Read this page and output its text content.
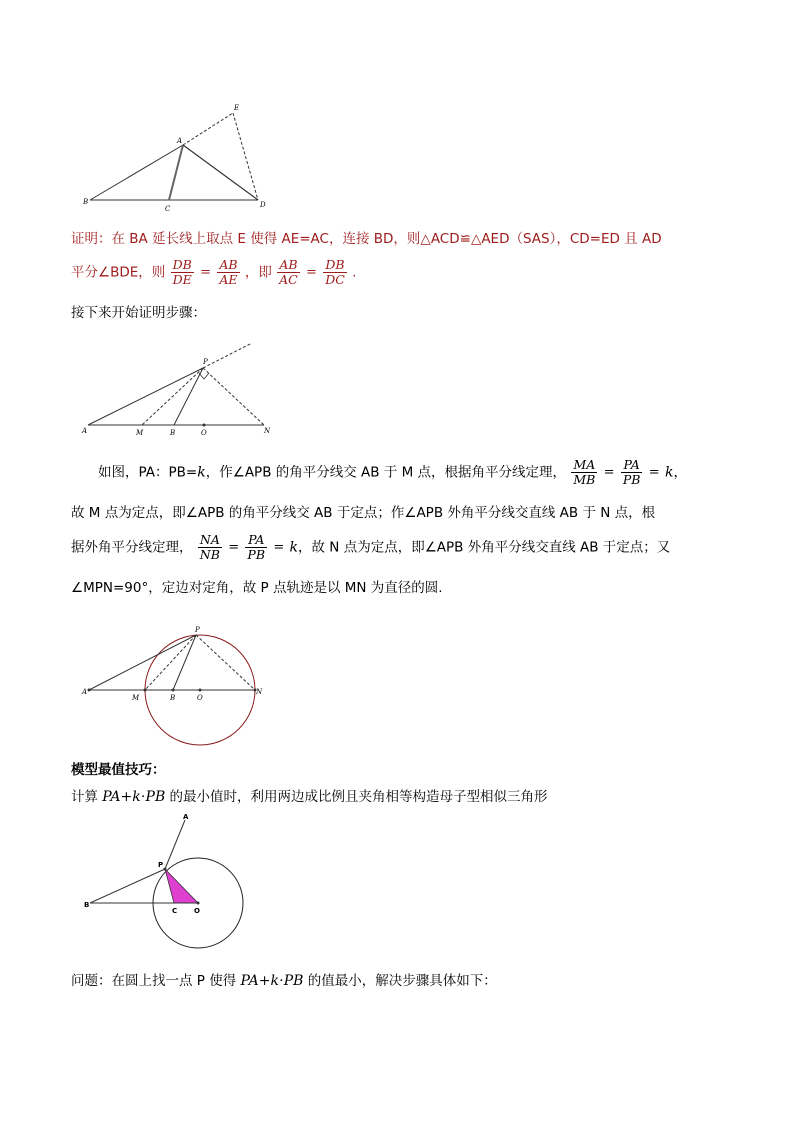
E
A
B
C	D
证明：在 BA 延长线上取点 E 使得 AE=AC，连接 BD，则△ACD≌△AED（SAS），CD=ED 且 AD
平分∠BDE，则 $\frac{DB}{DE} = \frac{AB}{AE}$ ，即 $\frac{AB}{AC} = \frac{DB}{DC}$ .
接下来开始证明步骤：
P
A	M	B	O	N
如图，PA：PB=k，作∠APB 的角平分线交 AB 于 M 点，根据角平分线定理， $\frac{MA}{MB} = \frac{PA}{PB} = k$，
故 M 点为定点，即∠APB 的角平分线交 AB 于定点；作∠APB 外角平分线交直线 AB 于 N 点，根
据外角平分线定理， $\frac{NA}{NB} = \frac{PA}{PB} = k$，故 N 点为定点，即∠APB 外角平分线交直线 AB 于定点；又
∠MPN=90°，定边对定角，故 P 点轨迹是以 MN 为直径的圆.
P
A
M	B	O
N
模型最值技巧：
计算 PA+k⋅PB 的最小值时，利用两边成比例且夹角相等构造母子型相似三角形
A
P
B
C O
问题：在圆上找一点 P 使得 PA+k⋅PB 的值最小，解决步骤具体如下：
